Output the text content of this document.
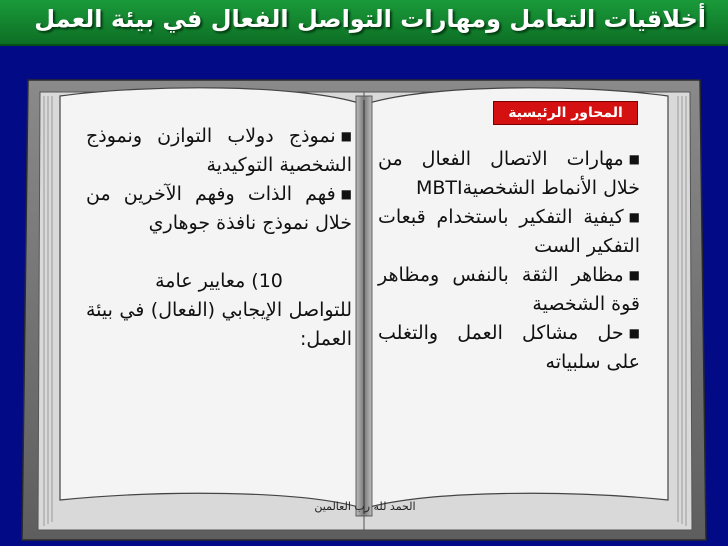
أخلاقيات التعامل ومهارات التواصل الفعال في بيئة العمل
المحاور الرئيسية

■مهارات الاتصال الفعال من خلال الأنماط الشخصيةMBTI

■كيفية التفكير باستخدام قبعات التفكير الست

■مظاهر الثقة بالنفس ومظاهر قوة الشخصية

■حل مشاكل العمل والتغلب على سلبياته

■نموذج دولاب التوازن ونموذج الشخصية التوكيدية

■فهم الذات وفهم الآخرين من خلال نموذج نافذة جوهاري

10) معايير عامة

للتواصل الإيجابي (الفعال) في بيئة العمل:

الحمد لله رب العالمين
